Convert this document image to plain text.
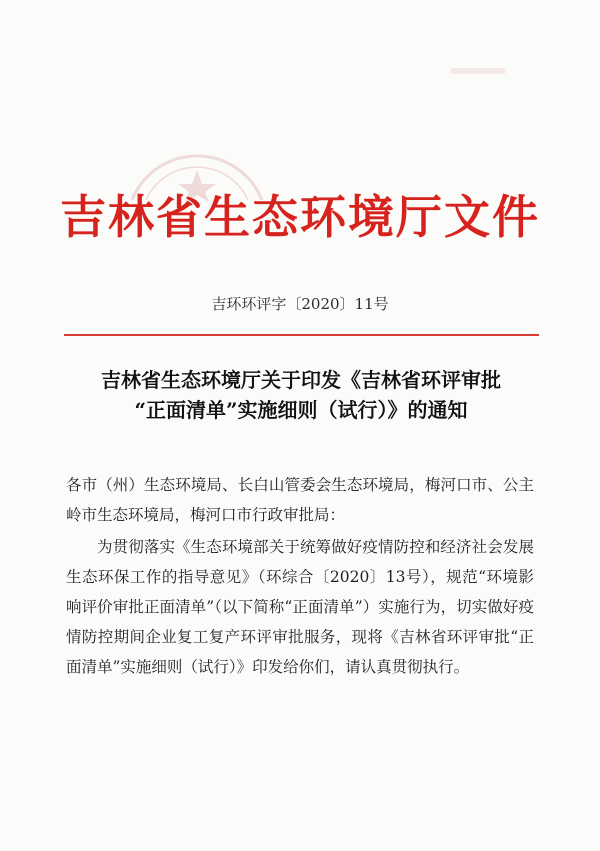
吉林省生态环境厅文件
吉环环评字〔2020〕11号
吉林省生态环境厅关于印发《吉林省环评审批
“正面清单”实施细则（试行）》的通知
各市（州）生态环境局、长白山管委会生态环境局，梅河口市、公主岭市生态环境局，梅河口市行政审批局：
为贯彻落实《生态环境部关于统筹做好疫情防控和经济社会发展生态环保工作的指导意见》（环综合〔2020〕13号），规范“环境影响评价审批正面清单”（以下简称“正面清单”）实施行为，切实做好疫情防控期间企业复工复产环评审批服务，现将《吉林省环评审批“正面清单”实施细则（试行）》印发给你们，请认真贯彻执行。
